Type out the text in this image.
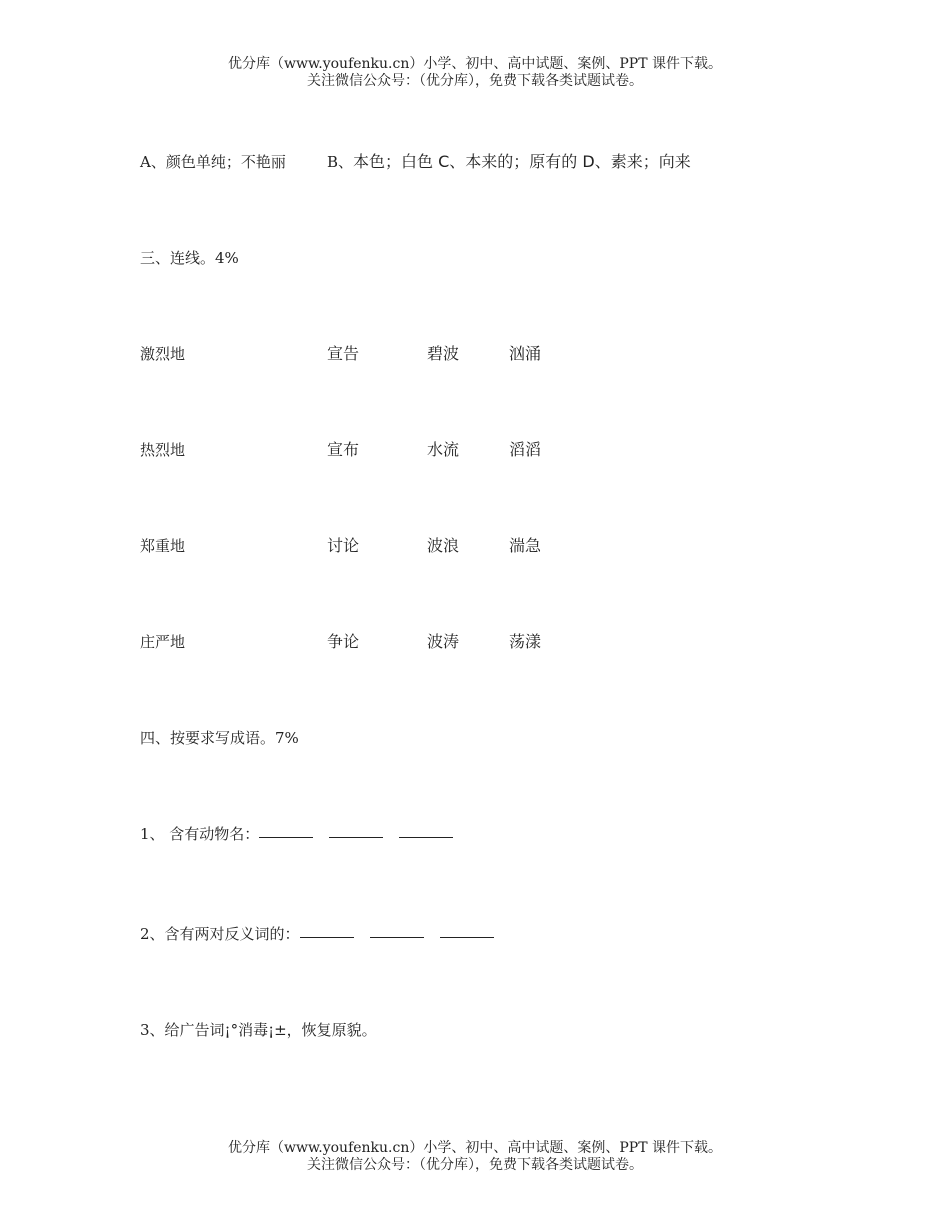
优分库（www.youfenku.cn）小学、初中、高中试题、案例、PPT 课件下载。
关注微信公众号：（优分库），免费下载各类试题试卷。
A、颜色单纯；不艳丽	B、本色；白色 C、本来的；原有的 D、素来；向来
三、连线。4%
激烈地	宣告	碧波	汹涌
热烈地	宣布	水流	滔滔
郑重地	讨论	波浪	湍急
庄严地	争论	波涛	荡漾
四、按要求写成语。7%
1、 含有动物名：
2、含有两对反义词的：
3、给广告词¡°消毒¡±，恢复原貌。
优分库（www.youfenku.cn）小学、初中、高中试题、案例、PPT 课件下载。
关注微信公众号：（优分库），免费下载各类试题试卷。
